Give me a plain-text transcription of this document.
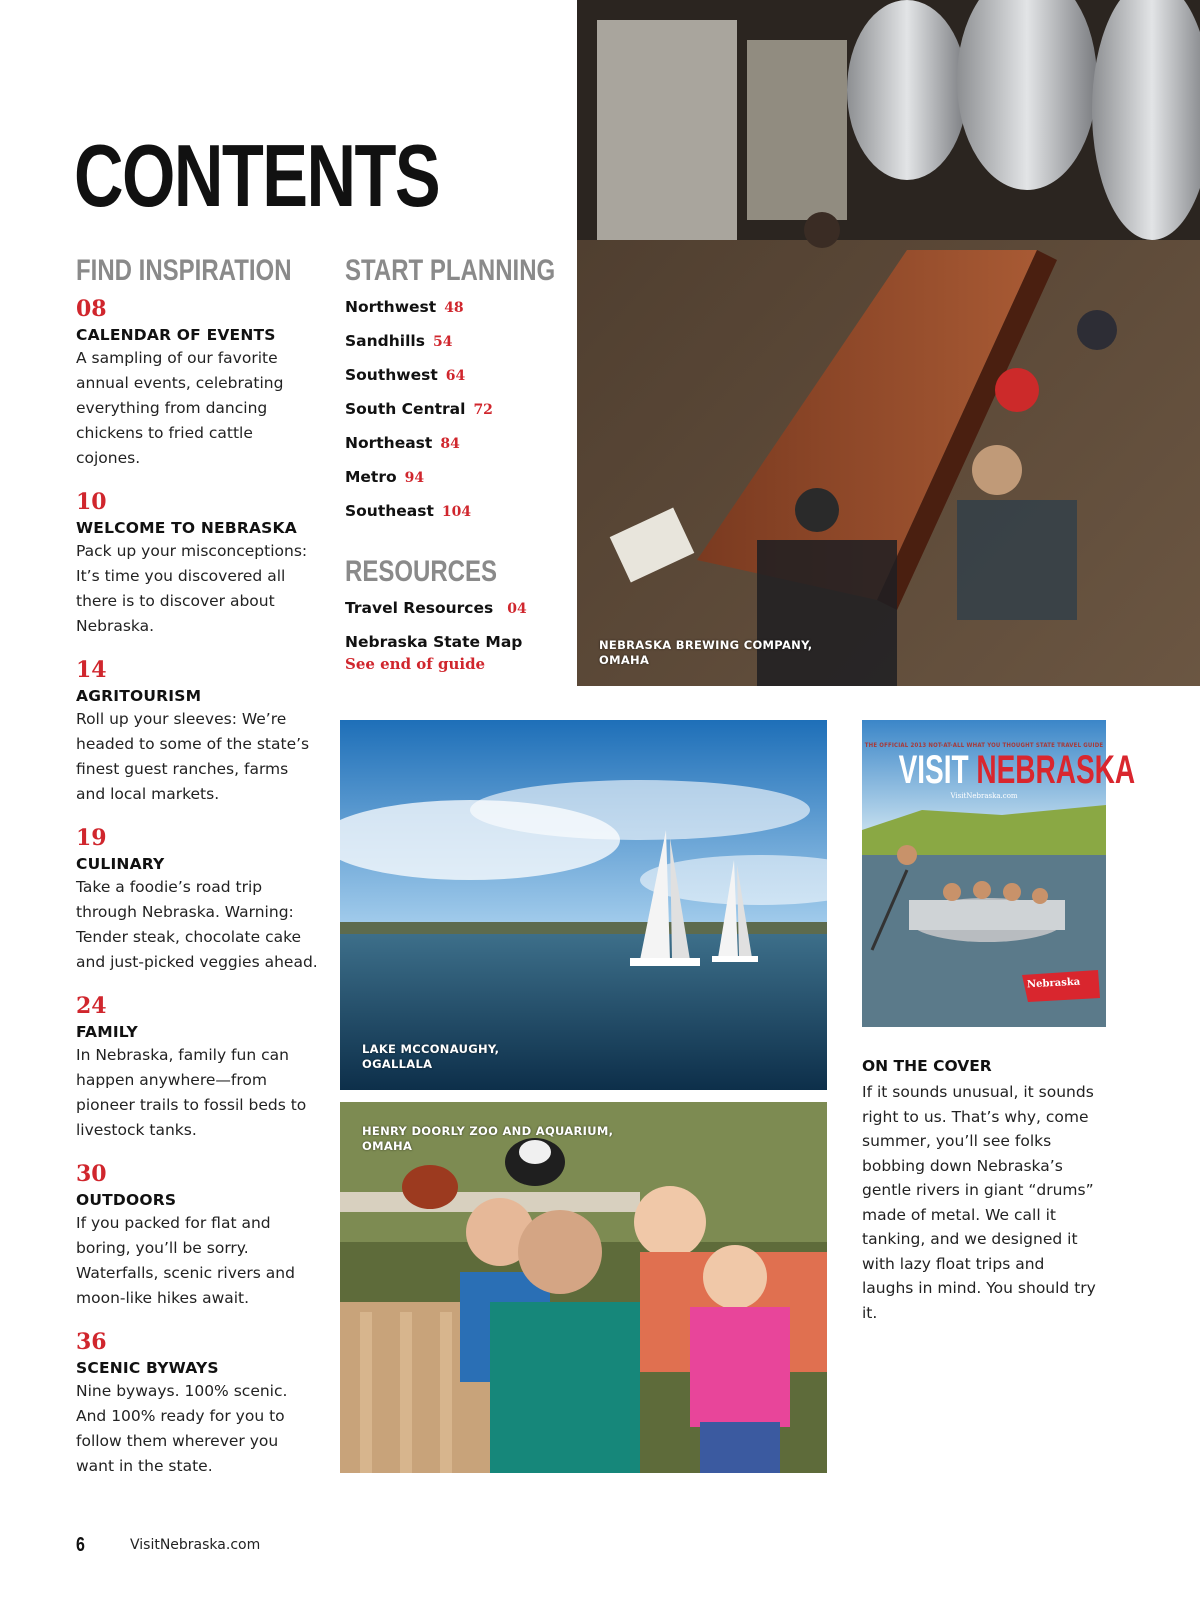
CONTENTS
FIND INSPIRATION
08
CALENDAR OF EVENTS
A sampling of our favorite annual events, celebrating everything from dancing chickens to fried cattle cojones.
10
WELCOME TO NEBRASKA
Pack up your misconceptions: It’s time you discovered all there is to discover about Nebraska.
14
AGRITOURISM
Roll up your sleeves: We’re headed to some of the state’s finest guest ranches, farms and local markets.
19
CULINARY
Take a foodie’s road trip through Nebraska. Warning: Tender steak, chocolate cake and just-picked veggies ahead.
24
FAMILY
In Nebraska, family fun can happen anywhere—from pioneer trails to fossil beds to livestock tanks.
30
OUTDOORS
If you packed for flat and boring, you’ll be sorry. Waterfalls, scenic rivers and moon-like hikes await.
36
SCENIC BYWAYS
Nine byways. 100% scenic. And 100% ready for you to follow them wherever you want in the state.
START PLANNING
Northwest 48
Sandhills 54
Southwest 64
South Central 72
Northeast 84
Metro 94
Southeast 104
RESOURCES
Travel Resources 04
Nebraska State Map
See end of guide
NEBRASKA BREWING COMPANY,
OMAHA
LAKE MCCONAUGHY,
OGALLALA
HENRY DOORLY ZOO AND AQUARIUM,
OMAHA
THE OFFICIAL 2013 NOT-AT-ALL WHAT YOU THOUGHT STATE TRAVEL GUIDE
VISIT NEBRASKA
VisitNebraska.com
Nebraska
ON THE COVER
If it sounds unusual, it sounds right to us. That’s why, come summer, you’ll see folks bobbing down Nebraska’s gentle rivers in giant “drums” made of metal. We call it tanking, and we designed it with lazy float trips and laughs in mind. You should try it.
6	VisitNebraska.com
